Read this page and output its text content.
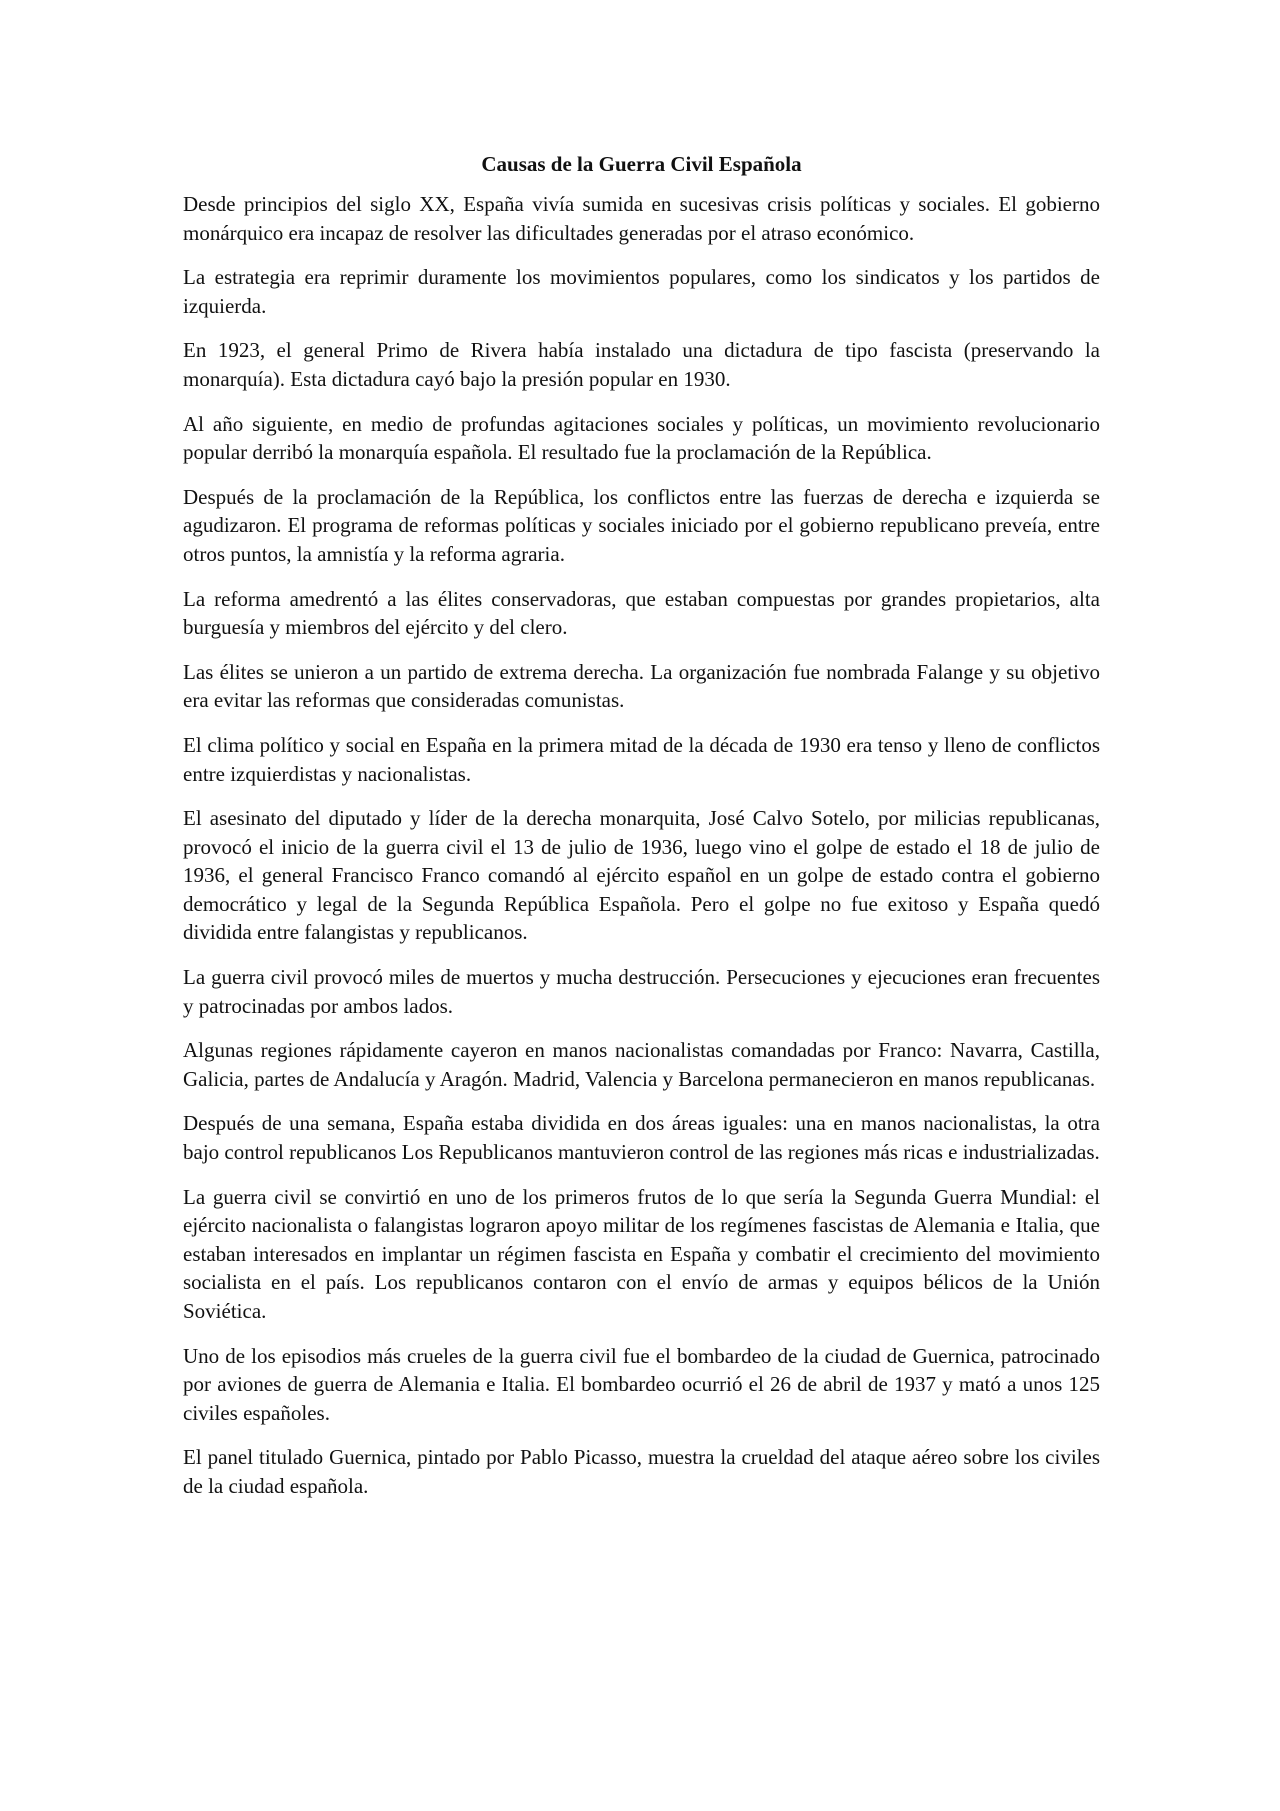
Causas de la Guerra Civil Española

Desde principios del siglo XX, España vivía sumida en sucesivas crisis políticas y sociales. El gobierno monárquico era incapaz de resolver las dificultades generadas por el atraso económico.

La estrategia era reprimir duramente los movimientos populares, como los sindicatos y los partidos de izquierda.

En 1923, el general Primo de Rivera había instalado una dictadura de tipo fascista (preservando la monarquía). Esta dictadura cayó bajo la presión popular en 1930.

Al año siguiente, en medio de profundas agitaciones sociales y políticas, un movimiento revolucionario popular derribó la monarquía española. El resultado fue la proclamación de la República.

Después de la proclamación de la República, los conflictos entre las fuerzas de derecha e izquierda se agudizaron. El programa de reformas políticas y sociales iniciado por el gobierno republicano preveía, entre otros puntos, la amnistía y la reforma agraria.

La reforma amedrentó a las élites conservadoras, que estaban compuestas por grandes propietarios, alta burguesía y miembros del ejército y del clero.

Las élites se unieron a un partido de extrema derecha. La organización fue nombrada Falange y su objetivo era evitar las reformas que consideradas comunistas.

El clima político y social en España en la primera mitad de la década de 1930 era tenso y lleno de conflictos entre izquierdistas y nacionalistas.

El asesinato del diputado y líder de la derecha monarquita, José Calvo Sotelo, por milicias republicanas, provocó el inicio de la guerra civil el 13 de julio de 1936, luego vino el golpe de estado el 18 de julio de 1936, el general Francisco Franco comandó al ejército español en un golpe de estado contra el gobierno democrático y legal de la Segunda República Española. Pero el golpe no fue exitoso y España quedó dividida entre falangistas y republicanos.

La guerra civil provocó miles de muertos y mucha destrucción. Persecuciones y ejecuciones eran frecuentes y patrocinadas por ambos lados.

Algunas regiones rápidamente cayeron en manos nacionalistas comandadas por Franco: Navarra, Castilla, Galicia, partes de Andalucía y Aragón. Madrid, Valencia y Barcelona permanecieron en manos republicanas.

Después de una semana, España estaba dividida en dos áreas iguales: una en manos nacionalistas, la otra bajo control republicanos Los Republicanos mantuvieron control de las regiones más ricas e industrializadas.

La guerra civil se convirtió en uno de los primeros frutos de lo que sería la Segunda Guerra Mundial: el ejército nacionalista o falangistas lograron apoyo militar de los regímenes fascistas de Alemania e Italia, que estaban interesados en implantar un régimen fascista en España y combatir el crecimiento del movimiento socialista en el país. Los republicanos contaron con el envío de armas y equipos bélicos de la Unión Soviética.

Uno de los episodios más crueles de la guerra civil fue el bombardeo de la ciudad de Guernica, patrocinado por aviones de guerra de Alemania e Italia. El bombardeo ocurrió el 26 de abril de 1937 y mató a unos 125 civiles españoles.

El panel titulado Guernica, pintado por Pablo Picasso, muestra la crueldad del ataque aéreo sobre los civiles de la ciudad española.
